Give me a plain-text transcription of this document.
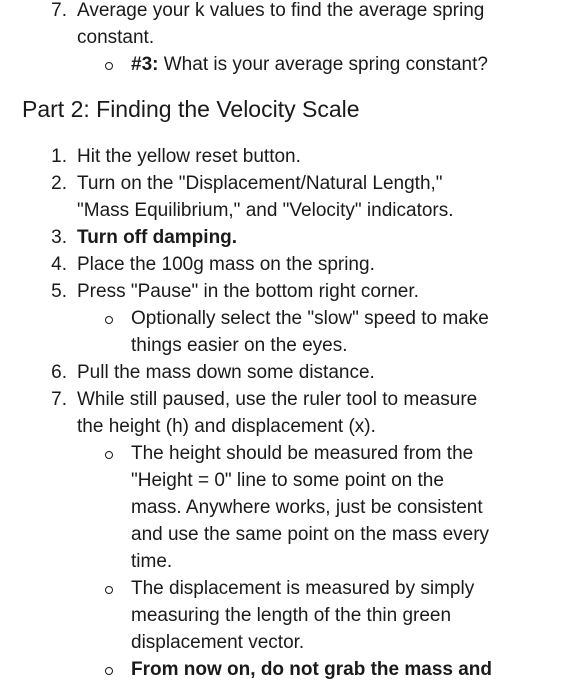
7. Average your k values to find the average spring
constant.
#3: What is your average spring constant?
Part 2: Finding the Velocity Scale
1. Hit the yellow reset button.
2. Turn on the "Displacement/Natural Length,"
"Mass Equilibrium," and "Velocity" indicators.
3. Turn off damping.
4. Place the 100g mass on the spring.
5. Press "Pause" in the bottom right corner.
Optionally select the "slow" speed to make
things easier on the eyes.
6. Pull the mass down some distance.
7. While still paused, use the ruler tool to measure
the height (h) and displacement (x).
The height should be measured from the
"Height = 0" line to some point on the
mass. Anywhere works, just be consistent
and use the same point on the mass every
time.
The displacement is measured by simply
measuring the length of the thin green
displacement vector.
From now on, do not grab the mass and
